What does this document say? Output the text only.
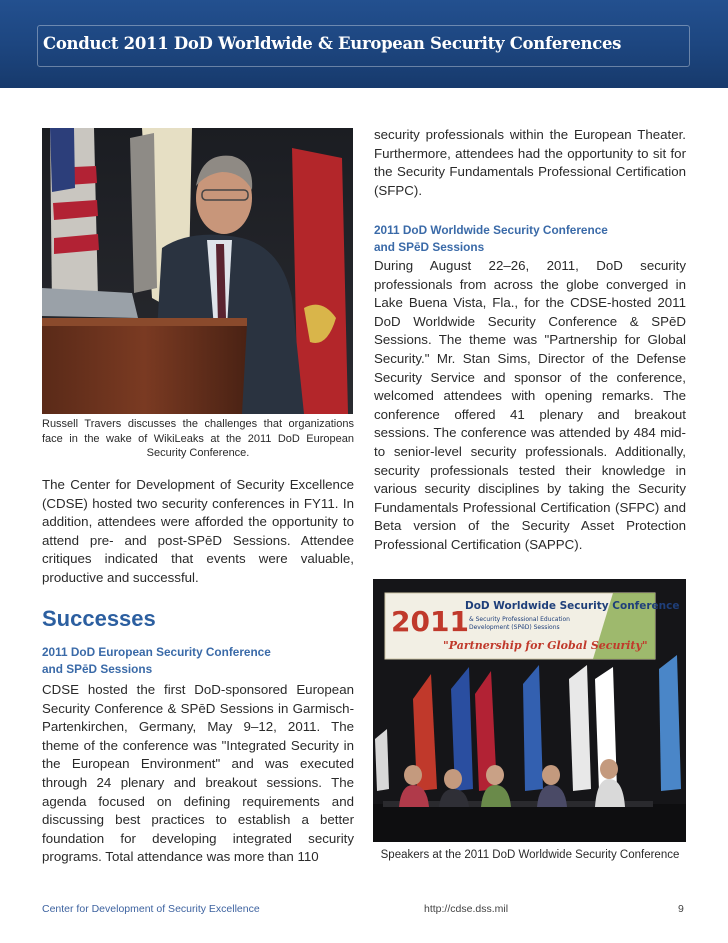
Conduct 2011 DoD Worldwide & European Security Conferences
Russell Travers discusses the challenges that organizations face in the wake of WikiLeaks at the 2011 DoD European Security Conference.
The Center for Development of Security Excellence (CDSE) hosted two security conferences in FY11. In addition, attendees were afforded the opportunity to attend pre- and post-SPēD Sessions. Attendee critiques indicated that events were valuable, productive and successful.
Successes
2011 DoD European Security Conference
and SPēD Sessions
CDSE hosted the first DoD-sponsored European Security Conference & SPēD Sessions in Garmisch-Partenkirchen, Germany, May 9–12, 2011. The theme of the conference was "Integrated Security in the European Environment" and was executed through 24 plenary and breakout sessions. The agenda focused on defining requirements and discussing best practices to establish a better foundation for developing integrated security programs. Total attendance was more than 110
security professionals within the European Theater. Furthermore, attendees had the opportunity to sit for the Security Fundamentals Professional Certification (SFPC).
2011 DoD Worldwide Security Conference
and SPēD Sessions
During August 22–26, 2011, DoD security professionals from across the globe converged in Lake Buena Vista, Fla., for the CDSE-hosted 2011 DoD Worldwide Security Conference & SPēD Sessions. The theme was "Partnership for Global Security." Mr. Stan Sims, Director of the Defense Security Service and sponsor of the conference, welcomed attendees with opening remarks. The conference offered 41 plenary and breakout sessions. The conference was attended by 484 mid- to senior-level security professionals. Additionally, security professionals tested their knowledge in various security disciplines by taking the Security Fundamentals Professional Certification (SFPC) and Beta version of the Security Asset Protection Professional Certification (SAPPC).
2011
DoD Worldwide Security Conference
& Security Professional Education
Development (SPēD) Sessions
"Partnership for Global Security"
Speakers at the 2011 DoD Worldwide Security Conference
Center for Development of Security Excellence	http://cdse.dss.mil	9
